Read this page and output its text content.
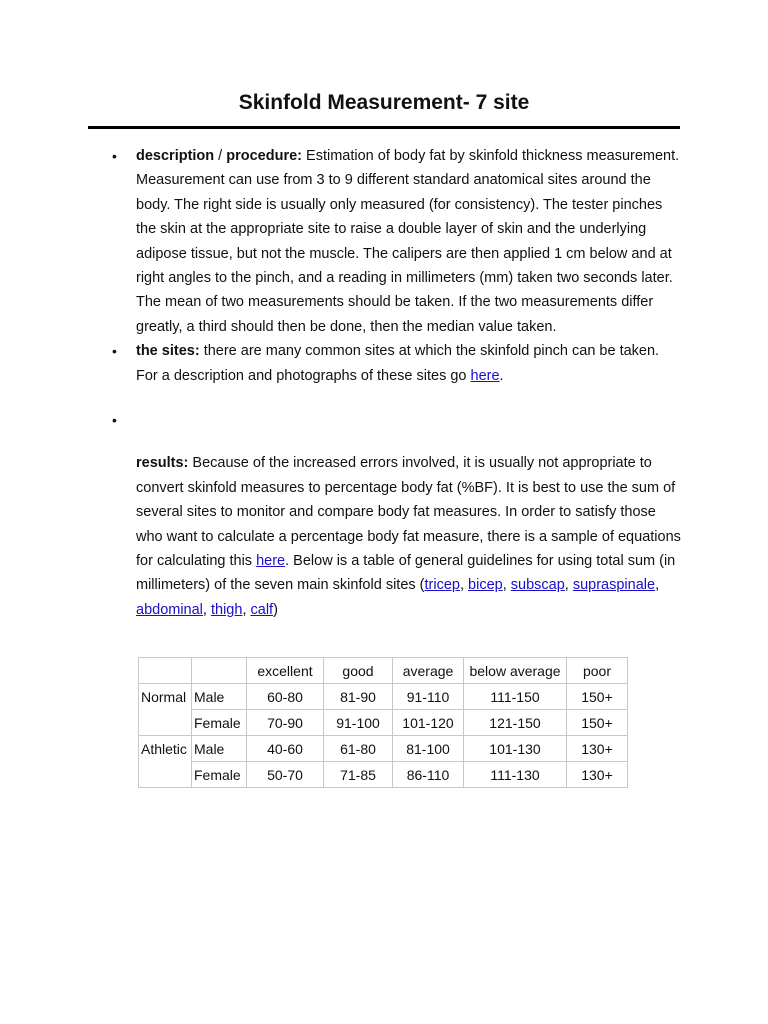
Skinfold Measurement- 7 site

• description / procedure: Estimation of body fat by skinfold thickness measurement. Measurement can use from 3 to 9 different standard anatomical sites around the body. The right side is usually only measured (for consistency). The tester pinches the skin at the appropriate site to raise a double layer of skin and the underlying adipose tissue, but not the muscle. The calipers are then applied 1 cm below and at right angles to the pinch, and a reading in millimeters (mm) taken two seconds later. The mean of two measurements should be taken. If the two measurements differ greatly, a third should then be done, then the median value taken.

• the sites: there are many common sites at which the skinfold pinch can be taken. For a description and photographs of these sites go here.

•

results: Because of the increased errors involved, it is usually not appropriate to convert skinfold measures to percentage body fat (%BF). It is best to use the sum of several sites to monitor and compare body fat measures. In order to satisfy those who want to calculate a percentage body fat measure, there is a sample of equations for calculating this here. Below is a table of general guidelines for using total sum (in millimeters) of the seven main skinfold sites (tricep, bicep, subscap, supraspinale, abdominal, thigh, calf)

		excellent	good	average	below average	poor
Normal	Male	60-80	81-90	91-110	111-150	150+
	Female	70-90	91-100	101-120	121-150	150+
Athletic	Male	40-60	61-80	81-100	101-130	130+
	Female	50-70	71-85	86-110	111-130	130+
